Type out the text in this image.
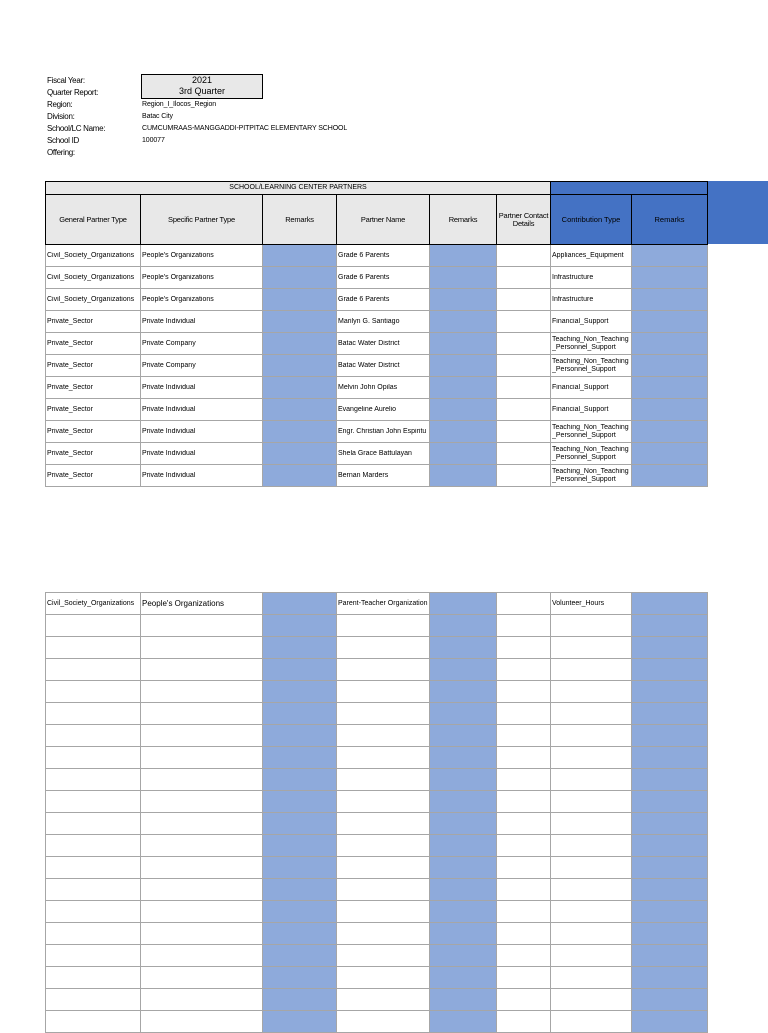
Fiscal Year:	2021
Quarter Report:	3rd Quarter
Region:	Region_I_Ilocos_Region
Division:	Batac City
School/LC Name:	CUMCUMRAAS-MANGGADDI-PITPITAC ELEMENTARY SCHOOL
School ID	100077
Offering:
SCHOOL/LEARNING CENTER PARTNERS							
General Partner Type	Specific Partner Type	Remarks	Partner Name	Remarks	Partner Contact Details	Contribution Type	Remarks

Civil_Society_Organizations	People's Organizations		Grade 6 Parents			Appliances_Equipment	

Civil_Society_Organizations	People's Organizations		Grade 6 Parents			Infrastructure	

Civil_Society_Organizations	People's Organizations		Grade 6 Parents			Infrastructure	

Private_Sector	Private Individual		Marilyn G. Santiago			Financial_Support	

Private_Sector	Private Company		Batac Water District			Teaching_Non_Teaching_Personnel_Support	

Private_Sector	Private Company		Batac Water District			Teaching_Non_Teaching_Personnel_Support	

Private_Sector	Private Individual		Melvin John Opilas			Financial_Support	

Private_Sector	Private Individual		Evangeline Aurelio			Financial_Support	

Private_Sector	Private Individual		Engr. Christian John Espiritu			Teaching_Non_Teaching_Personnel_Support	

Private_Sector	Private Individual		Shela Grace Battulayan			Teaching_Non_Teaching_Personnel_Support	

Private_Sector	Private Individual		Bernan Marders			Teaching_Non_Teaching_Personnel_Support	

Civil_Society_Organizations	People's Organizations		Parent-Teacher Organization			Volunteer_Hours	
